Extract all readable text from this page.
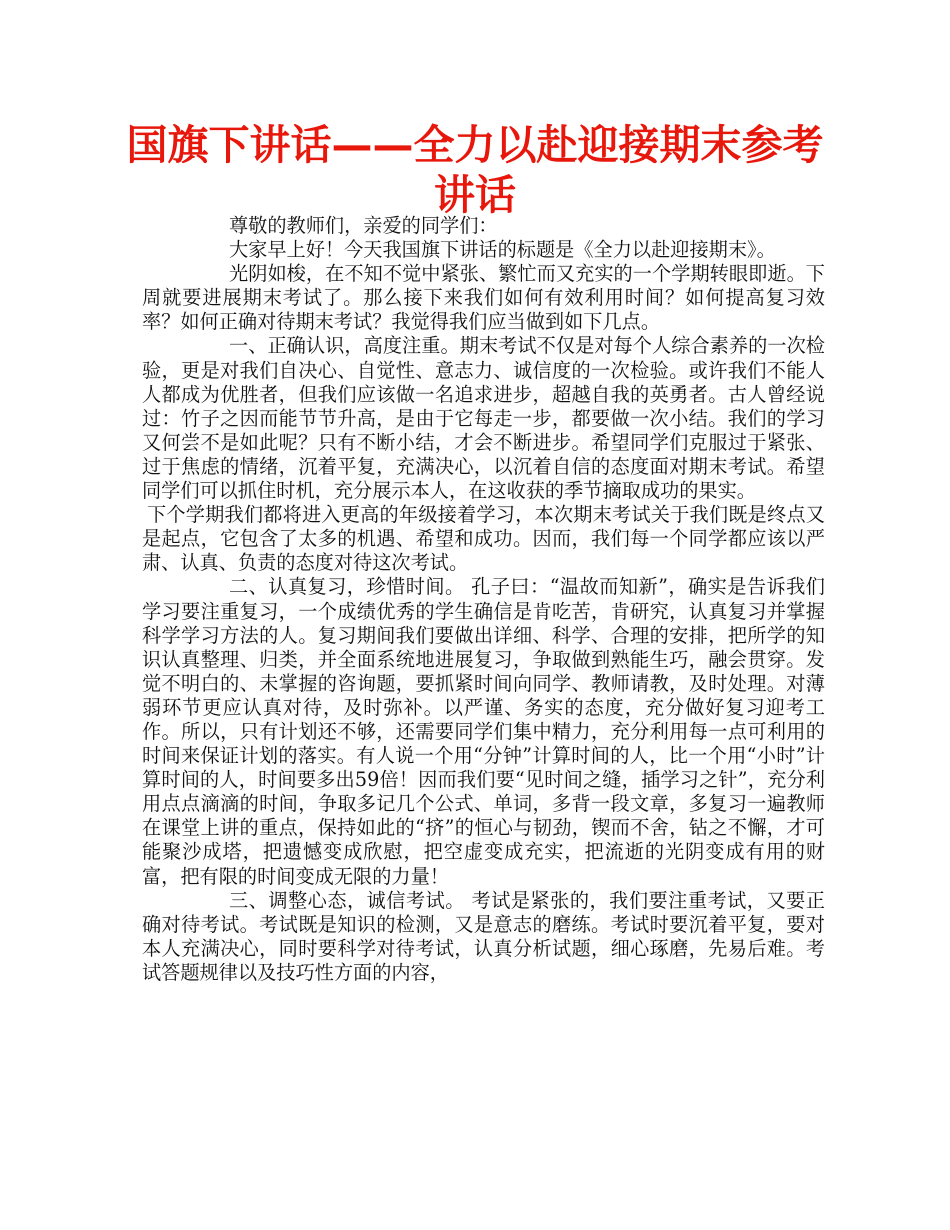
国旗下讲话——全力以赴迎接期末参考讲话

尊敬的教师们，亲爱的同学们：

大家早上好！今天我国旗下讲话的标题是《全力以赴迎接期末》。

光阴如梭，在不知不觉中紧张、繁忙而又充实的一个学期转眼即逝。下周就要进展期末考试了。那么接下来我们如何有效利用时间？如何提高复习效率？如何正确对待期末考试？我觉得我们应当做到如下几点。

一、正确认识，高度注重。期末考试不仅是对每个人综合素养的一次检验，更是对我们自决心、自觉性、意志力、诚信度的一次检验。或许我们不能人人都成为优胜者，但我们应该做一名追求进步，超越自我的英勇者。古人曾经说过：竹子之因而能节节升高，是由于它每走一步，都要做一次小结。我们的学习又何尝不是如此呢？只有不断小结，才会不断进步。希望同学们克服过于紧张、过于焦虑的情绪，沉着平复，充满决心，以沉着自信的态度面对期末考试。希望同学们可以抓住时机，充分展示本人，在这收获的季节摘取成功的果实。

下个学期我们都将进入更高的年级接着学习，本次期末考试关于我们既是终点又是起点，它包含了太多的机遇、希望和成功。因而，我们每一个同学都应该以严肃、认真、负责的态度对待这次考试。

二、认真复习，珍惜时间。 孔子曰：“温故而知新”，确实是告诉我们学习要注重复习，一个成绩优秀的学生确信是肯吃苦，肯研究，认真复习并掌握科学学习方法的人。复习期间我们要做出详细、科学、合理的安排，把所学的知识认真整理、归类，并全面系统地进展复习，争取做到熟能生巧，融会贯穿。发觉不明白的、未掌握的咨询题，要抓紧时间向同学、教师请教，及时处理。对薄弱环节更应认真对待，及时弥补。以严谨、务实的态度，充分做好复习迎考工作。所以，只有计划还不够，还需要同学们集中精力，充分利用每一点可利用的时间来保证计划的落实。有人说一个用“分钟”计算时间的人，比一个用“小时”计算时间的人，时间要多出59倍！因而我们要“见时间之缝，插学习之针”，充分利用点点滴滴的时间，争取多记几个公式、单词，多背一段文章，多复习一遍教师在课堂上讲的重点，保持如此的“挤”的恒心与韧劲，锲而不舍，钻之不懈，才可能聚沙成塔，把遗憾变成欣慰，把空虚变成充实，把流逝的光阴变成有用的财富，把有限的时间变成无限的力量！

三、调整心态，诚信考试。 考试是紧张的，我们要注重考试，又要正确对待考试。考试既是知识的检测，又是意志的磨练。考试时要沉着平复，要对本人充满决心，同时要科学对待考试，认真分析试题，细心琢磨，先易后难。考试答题规律以及技巧性方面的内容，
